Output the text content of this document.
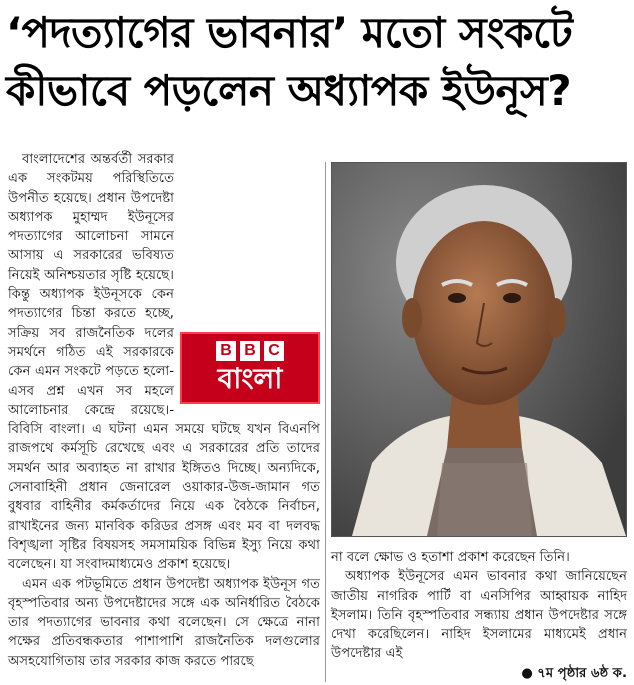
‘পদত্যাগের ভাবনার’ মতো সংকটে
কীভাবে পড়লেন অধ্যাপক ইউনূস?
B B C
বাংলা

বাংলাদেশের অন্তর্বর্তী সরকার এক সংকটময় পরিস্থিতিতে উপনীত হয়েছে। প্রধান উপদেষ্টা অধ্যাপক মুহাম্মদ ইউনূসের পদত্যাগের আলোচনা সামনে আসায় এ সরকারের ভবিষ্যত নিয়েই অনিশ্চয়তার সৃষ্টি হয়েছে। কিন্তু অধ্যাপক ইউনূসকে কেন পদত্যাগের চিন্তা করতে হচ্ছে, সক্রিয় সব রাজনৈতিক দলের সমর্থনে গঠিত এই সরকারকে কেন এমন সংকটে পড়তে হলো-এসব প্রশ্ন এখন সব মহলে আলোচনার কেন্দ্রে রয়েছে।-বিবিসি বাংলা। এ ঘটনা এমন সময়ে ঘটছে যখন বিএনপি রাজপথে কর্মসূচি রেখেছে এবং এ সরকারের প্রতি তাদের সমর্থন আর অব্যাহত না রাখার ইঙ্গিতও দিচ্ছে। অন্যদিকে, সেনাবাহিনী প্রধান জেনারেল ওয়াকার-উজ-জামান গত বুধবার বাহিনীর কর্মকর্তাদের নিয়ে এক বৈঠকে নির্বাচন, রাখাইনের জন্য মানবিক করিডর প্রসঙ্গ এবং মব বা দলবদ্ধ বিশৃঙ্খলা সৃষ্টির বিষয়সহ সমসাময়িক বিভিন্ন ইস্যু নিয়ে কথা বলেছেন। যা সংবাদমাধ্যমেও প্রকাশ হয়েছে।

এমন এক পটভূমিতে প্রধান উপদেষ্টা অধ্যাপক ইউনূস গত বৃহস্পতিবার অন্য উপদেষ্টাদের সঙ্গে এক অনির্ধারিত বৈঠকে তার পদত্যাগের ভাবনার কথা বলেছেন। সে ক্ষেত্রে নানা পক্ষের প্রতিবন্ধকতার পাশাপাশি রাজনৈতিক দলগুলোর অসহযোগিতায় তার সরকার কাজ করতে পারছে

না বলে ক্ষোভ ও হতাশা প্রকাশ করেছেন তিনি।

অধ্যাপক ইউনূসের এমন ভাবনার কথা জানিয়েছেন জাতীয় নাগরিক পার্টি বা এনসিপির আহ্বায়ক নাহিদ ইসলাম। তিনি বৃহস্পতিবার সন্ধ্যায় প্রধান উপদেষ্টার সঙ্গে দেখা করেছিলেন। নাহিদ ইসলামের মাধ্যমেই প্রধান উপদেষ্টার এই

● ৭ম পৃষ্ঠার ৬ষ্ঠ ক.
